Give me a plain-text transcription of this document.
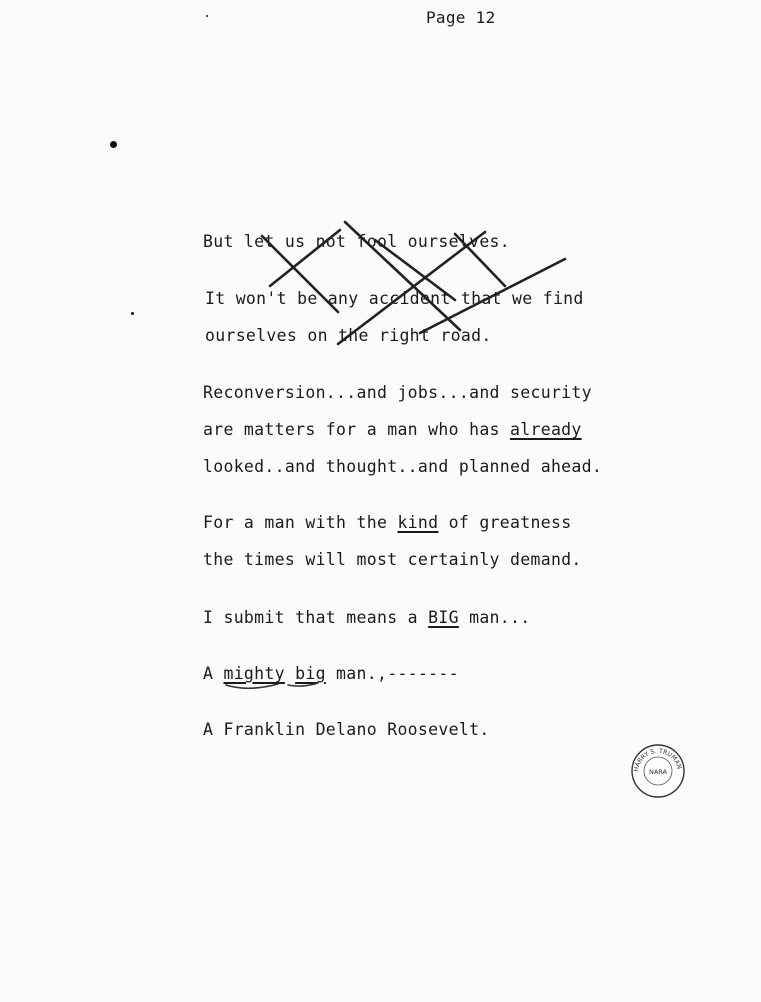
Page 12
But let us not fool ourselves.
It won't be any accident that we find
ourselves on the right road.
Reconversion...and jobs...and security
are matters for a man who has already
looked..and thought..and planned ahead.
For a man with the kind of greatness
the times will most certainly demand.
I submit that means a BIG man...
A mighty big man.,-------
A Franklin Delano Roosevelt.
HARRY S. TRUMAN
NARA
